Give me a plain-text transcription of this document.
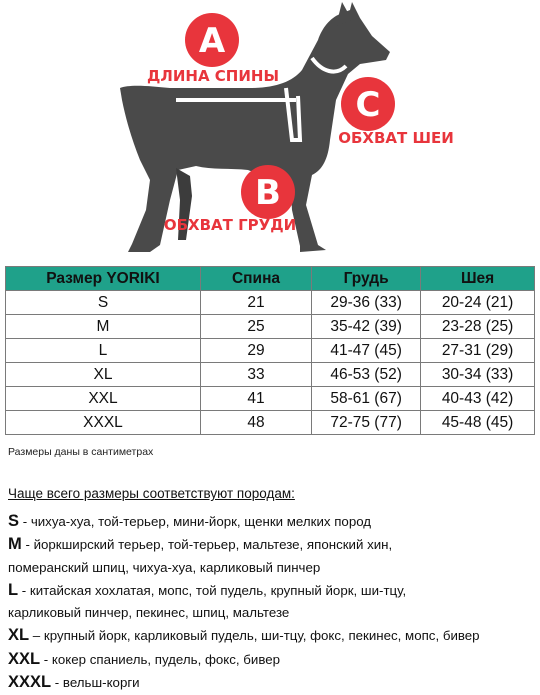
A
ДЛИНА СПИНЫ
C
ОБХВАТ ШЕИ
B
ОБХВАТ ГРУДИ
Размер YORIKI	Спина	Грудь	Шея
S	21	29-36 (33)	20-24 (21)
M	25	35-42 (39)	23-28 (25)
L	29	41-47 (45)	27-31 (29)
XL	33	46-53 (52)	30-34 (33)
XXL	41	58-61 (67)	40-43 (42)
XXXL	48	72-75 (77)	45-48 (45)
Размеры даны в сантиметрах
Чаще всего размеры соответствуют породам:
S - чихуа-хуа, той-терьер, мини-йорк, щенки мелких пород
M - йоркширский терьер, той-терьер, мальтезе, японский хин,
померанский шпиц, чихуа-хуа, карликовый пинчер
L - китайская хохлатая, мопс, той пудель, крупный йорк, ши-тцу,
карликовый пинчер, пекинес, шпиц, мальтезе
XL – крупный йорк, карликовый пудель, ши-тцу, фокс, пекинес, мопс, бивер
XXL - кокер спаниель, пудель, фокс, бивер
XXXL - вельш-корги
